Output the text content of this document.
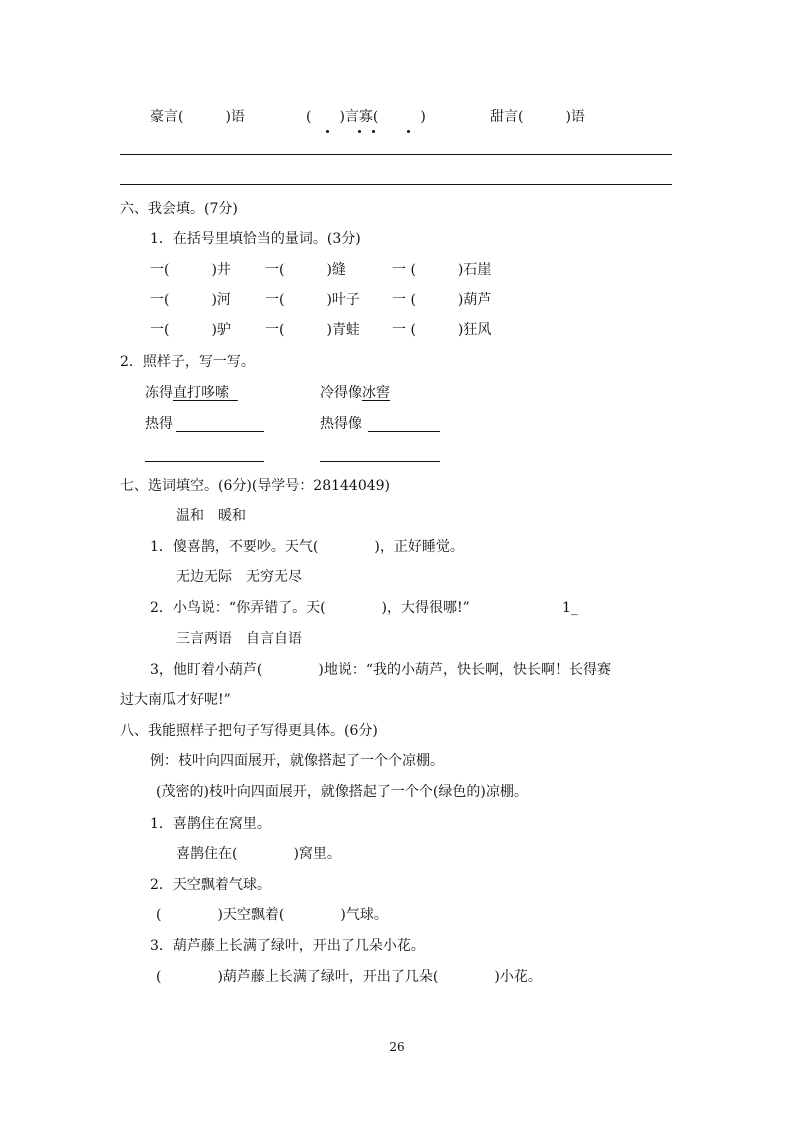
豪言(　　　)语	(　　)言寡(　　　)	甜言(　　　)语
六、我会填。(7分)
1．在括号里填恰当的量词。(3分)
一(　　　)井 一(　　　)缝	一 (　　　)石崖
一(　　　)河 一(　　　)叶子 一 (　　　)葫芦
一(　　　)驴 一(　　　)青蛙 一 (　　　)狂风
2．照样子，写一写。
冻得直打哆嗦	冷得像冰窖
热得	热得像
七、选词填空。(6分)(导学号：28144049)
温和　暖和
1．傻喜鹊，不要吵。天气(　　　　)，正好睡觉。
无边无际　无穷无尽
2．小鸟说：“你弄错了。天(　　　　)，大得很哪!”	1_
三言两语　自言自语
3，他盯着小葫芦(　　　　)地说：“我的小葫芦，快长啊，快长啊！长得赛
过大南瓜才好呢!”
八、我能照样子把句子写得更具体。(6分)
例：枝叶向四面展开，就像搭起了一个个凉棚。
(茂密的)枝叶向四面展开，就像搭起了一个个(绿色的)凉棚。
1．喜鹊住在窝里。
喜鹊住在(　　　　)窝里。
2．天空飘着气球。
(　　　　)天空飘着(　　　　)气球。
3．葫芦藤上长满了绿叶，开出了几朵小花。
(　　　　)葫芦藤上长满了绿叶，开出了几朵(　　　　)小花。
26
